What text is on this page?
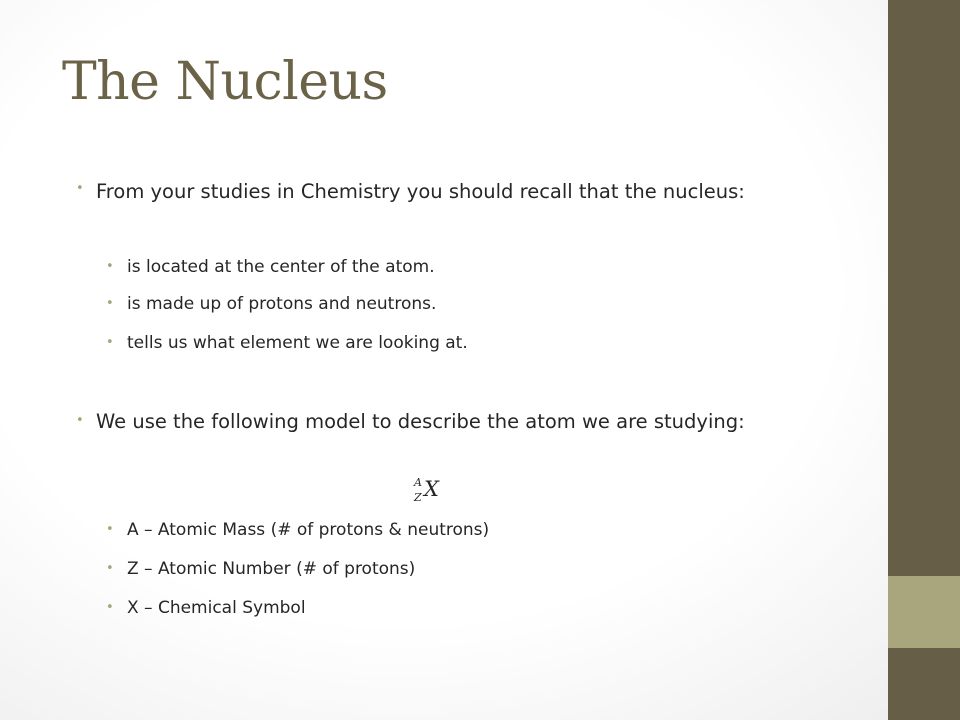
The Nucleus
• From your studies in Chemistry you should recall that the nucleus:
• is located at the center of the atom.
• is made up of protons and neutrons.
• tells us what element we are looking at.
• We use the following model to describe the atom we are studying:
A
Z X
• A – Atomic Mass (# of protons & neutrons)
• Z – Atomic Number (# of protons)
• X – Chemical Symbol
